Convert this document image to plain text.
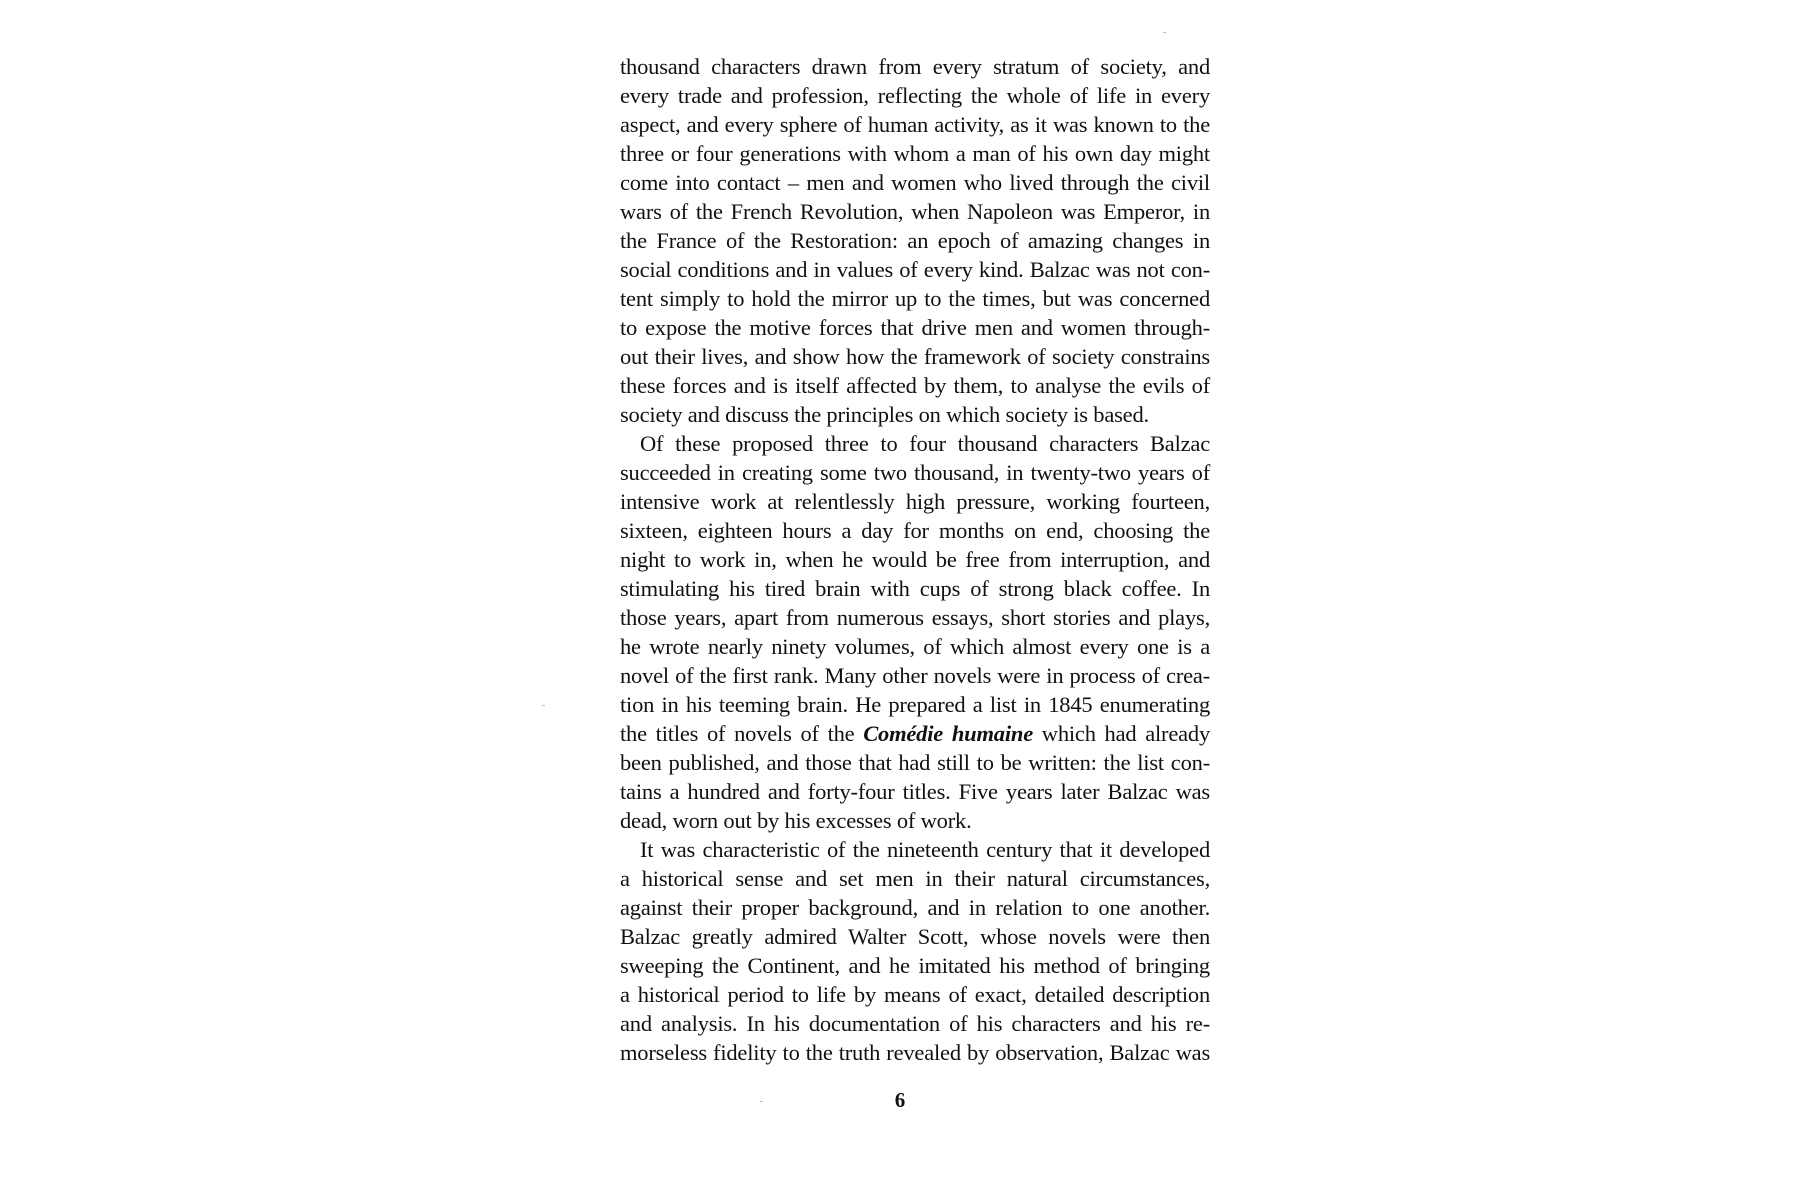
thousand characters drawn from every stratum of society, and
every trade and profession, reflecting the whole of life in every
aspect, and every sphere of human activity, as it was known to the
three or four generations with whom a man of his own day might
come into contact – men and women who lived through the civil
wars of the French Revolution, when Napoleon was Emperor, in
the France of the Restoration: an epoch of amazing changes in
social conditions and in values of every kind. Balzac was not con-
tent simply to hold the mirror up to the times, but was concerned
to expose the motive forces that drive men and women through-
out their lives, and show how the framework of society constrains
these forces and is itself affected by them, to analyse the evils of
society and discuss the principles on which society is based.
Of these proposed three to four thousand characters Balzac
succeeded in creating some two thousand, in twenty-two years of
intensive work at relentlessly high pressure, working fourteen,
sixteen, eighteen hours a day for months on end, choosing the
night to work in, when he would be free from interruption, and
stimulating his tired brain with cups of strong black coffee. In
those years, apart from numerous essays, short stories and plays,
he wrote nearly ninety volumes, of which almost every one is a
novel of the first rank. Many other novels were in process of crea-
tion in his teeming brain. He prepared a list in 1845 enumerating
the titles of novels of the Comédie humaine which had already
been published, and those that had still to be written: the list con-
tains a hundred and forty-four titles. Five years later Balzac was
dead, worn out by his excesses of work.
It was characteristic of the nineteenth century that it developed
a historical sense and set men in their natural circumstances,
against their proper background, and in relation to one another.
Balzac greatly admired Walter Scott, whose novels were then
sweeping the Continent, and he imitated his method of bringing
a historical period to life by means of exact, detailed description
and analysis. In his documentation of his characters and his re-
morseless fidelity to the truth revealed by observation, Balzac was
6
